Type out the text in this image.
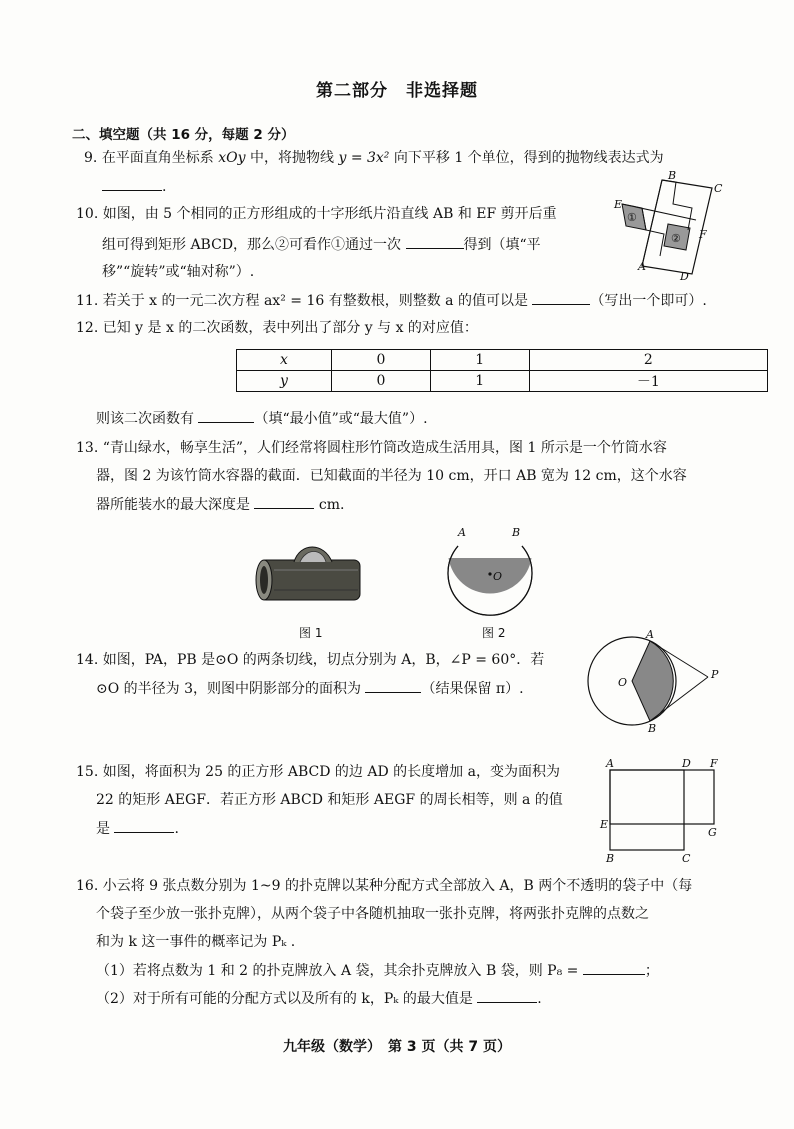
第二部分　非选择题
二、填空题（共 16 分，每题 2 分）
9. 在平面直角坐标系 xOy 中，将抛物线 y = 3x² 向下平移 1 个单位，得到的抛物线表达式为
.
10. 如图，由 5 个相同的正方形组成的十字形纸片沿直线 AB 和 EF 剪开后重
组可得到矩形 ABCD，那么②可看作①通过一次	得到（填“平
移”“旋转”或“轴对称”）.
B
C
E
F
A
D
①
②
11. 若关于 x 的一元二次方程 ax² = 16 有整数根，则整数 a 的值可以是	（写出一个即可）.
12. 已知 y 是 x 的二次函数，表中列出了部分 y 与 x 的对应值：
x	0	1	2
y	0	1	－1
则该二次函数有	（填“最小值”或“最大值”）.
13. “青山绿水，畅享生活”，人们经常将圆柱形竹筒改造成生活用具，图 1 所示是一个竹筒水容
器，图 2 为该竹筒水容器的截面．已知截面的半径为 10 cm，开口 AB 宽为 12 cm，这个水容
器所能装水的最大深度是	cm.
图 1
A	B
O
图 2
14. 如图，PA，PB 是⊙O 的两条切线，切点分别为 A，B，∠P = 60°．若
⊙O 的半径为 3，则图中阴影部分的面积为	（结果保留 π）.
A
O
P
B
15. 如图，将面积为 25 的正方形 ABCD 的边 AD 的长度增加 a，变为面积为
22 的矩形 AEGF．若正方形 ABCD 和矩形 AEGF 的周长相等，则 a 的值
是	.
A	D F
E
G
B	C
16. 小云将 9 张点数分别为 1~9 的扑克牌以某种分配方式全部放入 A，B 两个不透明的袋子中（每
个袋子至少放一张扑克牌），从两个袋子中各随机抽取一张扑克牌，将两张扑克牌的点数之
和为 k 这一事件的概率记为 Pₖ .
（1）若将点数为 1 和 2 的扑克牌放入 A 袋，其余扑克牌放入 B 袋，则 P₈ =	；
（2）对于所有可能的分配方式以及所有的 k，Pₖ 的最大值是	.
九年级（数学）　第 3 页（共 7 页）
